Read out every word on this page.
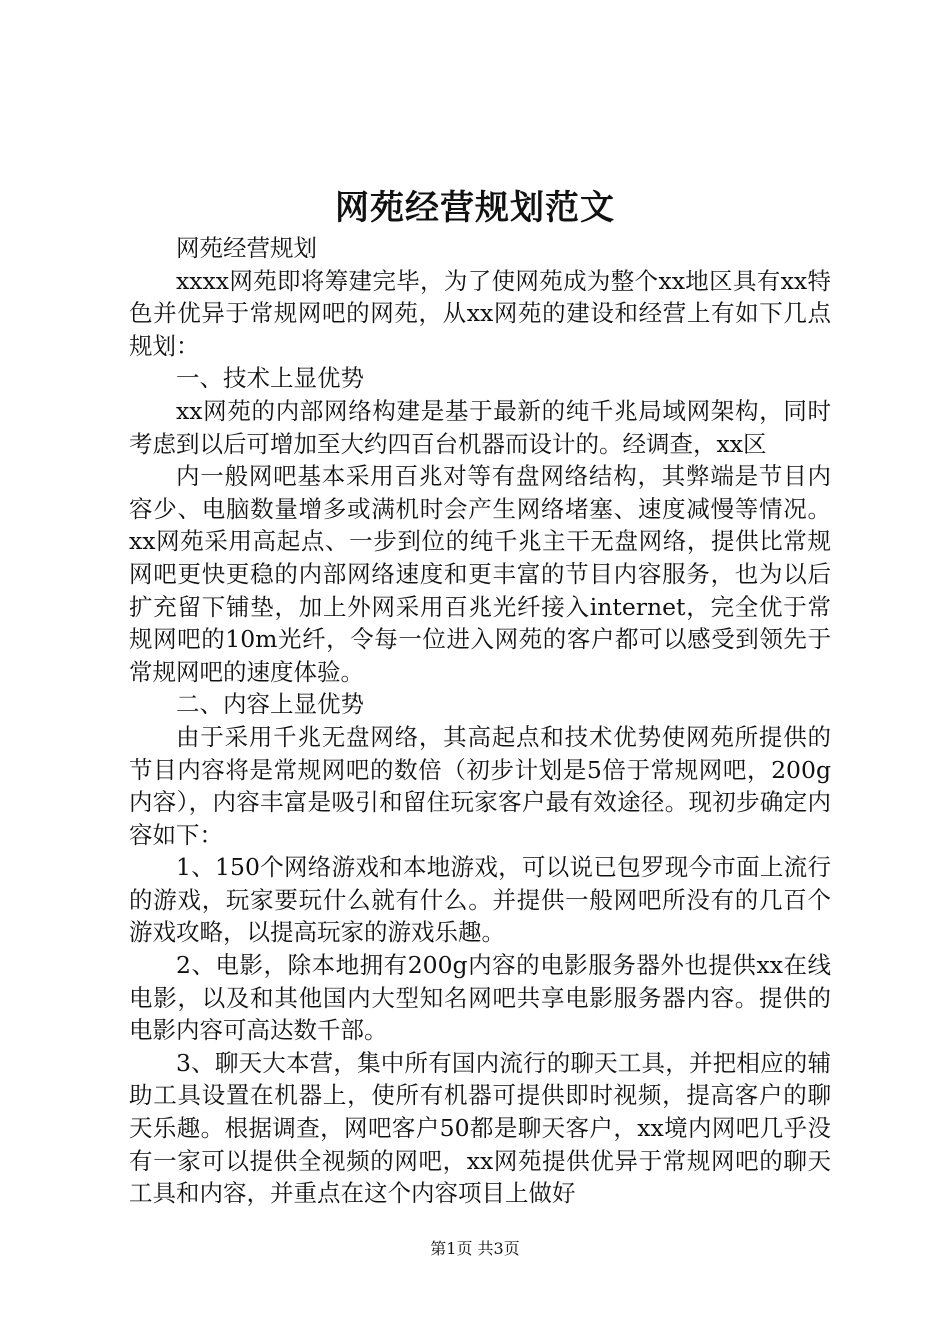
网苑经营规划范文

网苑经营规划

xxxx网苑即将筹建完毕，为了使网苑成为整个xx地区具有xx特色并优异于常规网吧的网苑，从xx网苑的建设和经营上有如下几点规划：

一、技术上显优势

xx网苑的内部网络构建是基于最新的纯千兆局域网架构，同时考虑到以后可增加至大约四百台机器而设计的。经调查，xx区

内一般网吧基本采用百兆对等有盘网络结构，其弊端是节目内容少、电脑数量增多或满机时会产生网络堵塞、速度减慢等情况。xx网苑采用高起点、一步到位的纯千兆主干无盘网络，提供比常规网吧更快更稳的内部网络速度和更丰富的节目内容服务，也为以后扩充留下铺垫，加上外网采用百兆光纤接入internet，完全优于常规网吧的10m光纤，令每一位进入网苑的客户都可以感受到领先于常规网吧的速度体验。

二、内容上显优势

由于采用千兆无盘网络，其高起点和技术优势使网苑所提供的节目内容将是常规网吧的数倍（初步计划是5倍于常规网吧，200g内容），内容丰富是吸引和留住玩家客户最有效途径。现初步确定内容如下：

1、150个网络游戏和本地游戏，可以说已包罗现今市面上流行的游戏，玩家要玩什么就有什么。并提供一般网吧所没有的几百个游戏攻略，以提高玩家的游戏乐趣。

2、电影，除本地拥有200g内容的电影服务器外也提供xx在线电影，以及和其他国内大型知名网吧共享电影服务器内容。提供的电影内容可高达数千部。

3、聊天大本营，集中所有国内流行的聊天工具，并把相应的辅助工具设置在机器上，使所有机器可提供即时视频，提高客户的聊天乐趣。根据调查，网吧客户50都是聊天客户，xx境内网吧几乎没有一家可以提供全视频的网吧，xx网苑提供优异于常规网吧的聊天工具和内容，并重点在这个内容项目上做好

第1页 共3页
